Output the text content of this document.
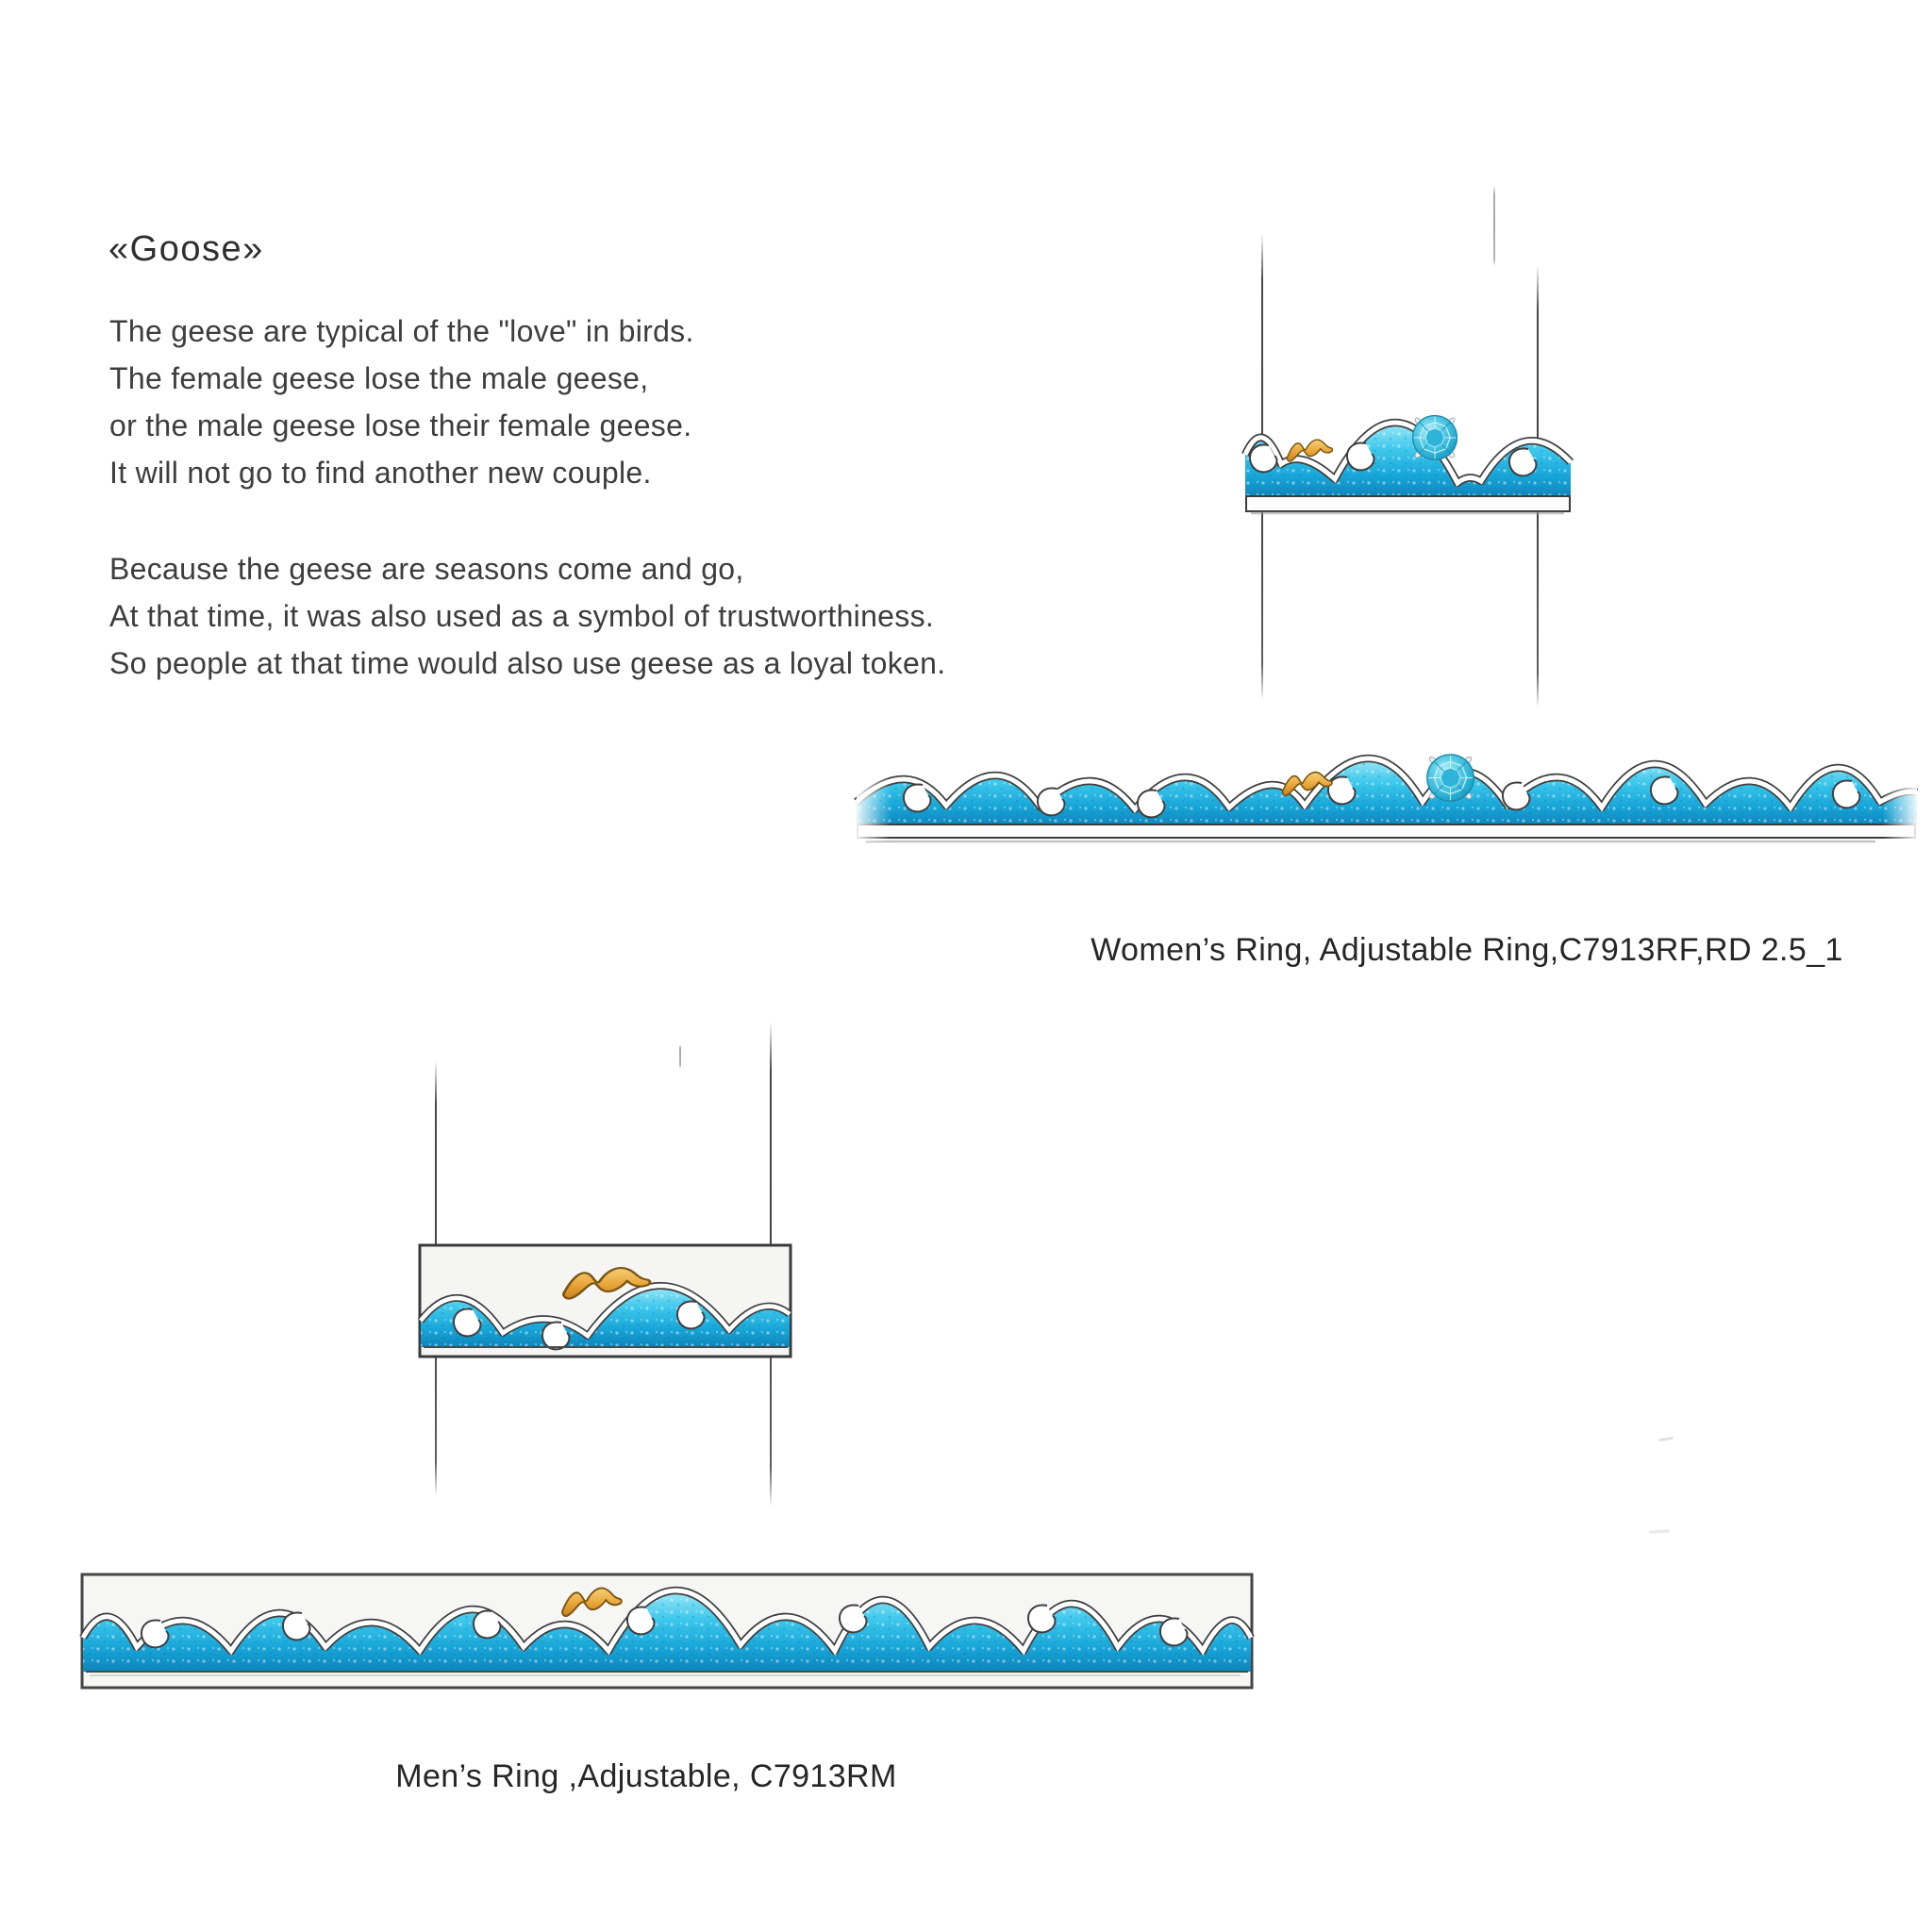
«Goose»
The geese are typical of the "love" in birds.
The female geese lose the male geese,
or the male geese lose their female geese.
It will not go to find another new couple.
Because the geese are seasons come and go,
At that time, it was also used as a symbol of trustworthiness.
So people at that time would also use geese as a loyal token.
Women’s Ring, Adjustable Ring,C7913RF,RD 2.5_1
Men’s Ring ,Adjustable, C7913RM
